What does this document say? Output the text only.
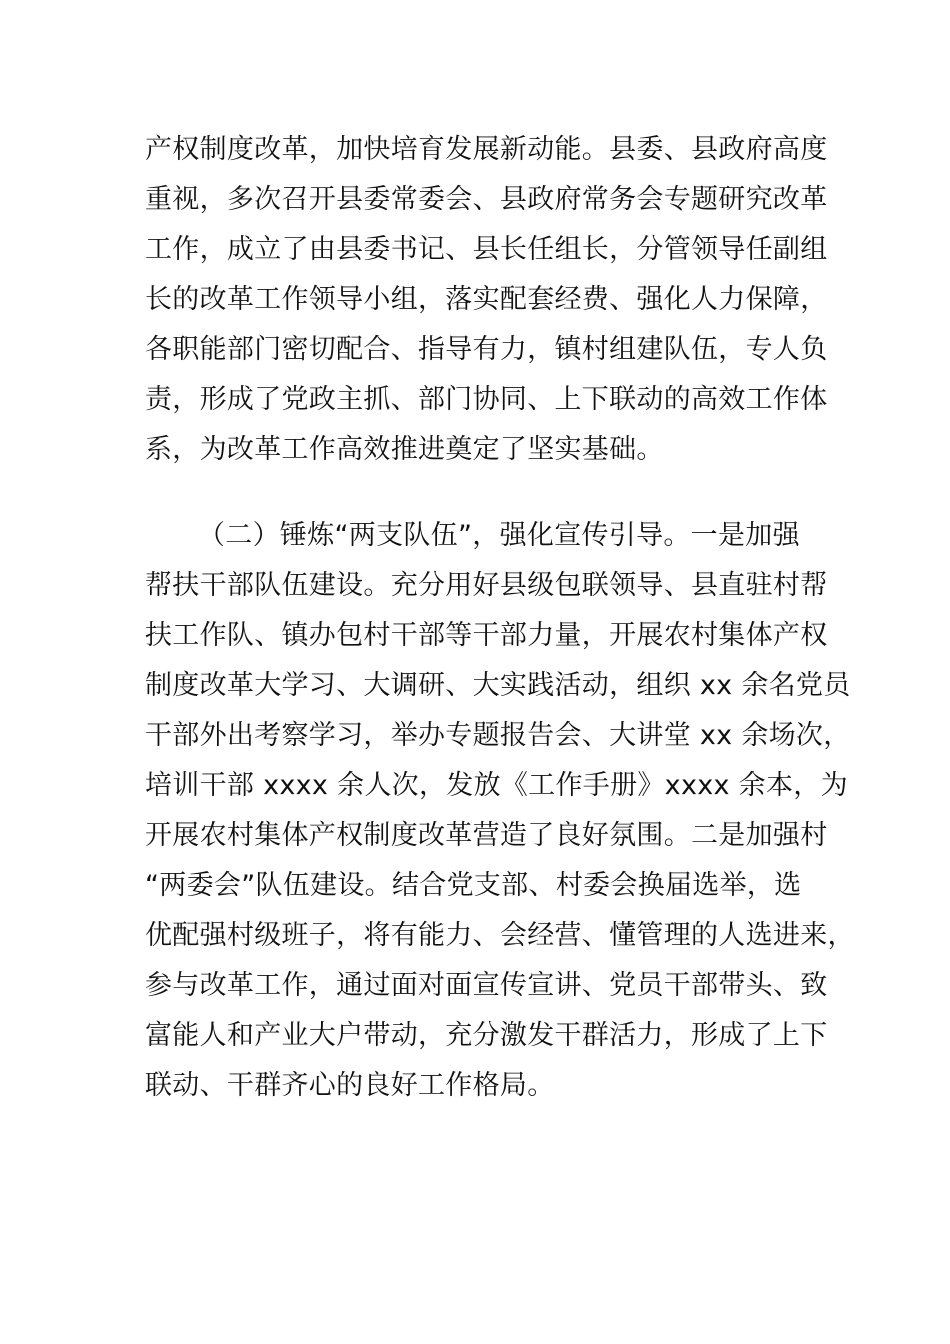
产权制度改革，加快培育发展新动能。县委、县政府高度
重视，多次召开县委常委会、县政府常务会专题研究改革
工作，成立了由县委书记、县长任组长，分管领导任副组
长的改革工作领导小组，落实配套经费、强化人力保障，
各职能部门密切配合、指导有力，镇村组建队伍，专人负
责，形成了党政主抓、部门协同、上下联动的高效工作体
系，为改革工作高效推进奠定了坚实基础。
（二）锤炼“两支队伍”，强化宣传引导。一是加强
帮扶干部队伍建设。充分用好县级包联领导、县直驻村帮
扶工作队、镇办包村干部等干部力量，开展农村集体产权
制度改革大学习、大调研、大实践活动，组织 xx 余名党员
干部外出考察学习，举办专题报告会、大讲堂 xx 余场次，
培训干部 xxxx 余人次，发放《工作手册》xxxx 余本，为
开展农村集体产权制度改革营造了良好氛围。二是加强村
“两委会”队伍建设。结合党支部、村委会换届选举，选
优配强村级班子，将有能力、会经营、懂管理的人选进来，
参与改革工作，通过面对面宣传宣讲、党员干部带头、致
富能人和产业大户带动，充分激发干群活力，形成了上下
联动、干群齐心的良好工作格局。
